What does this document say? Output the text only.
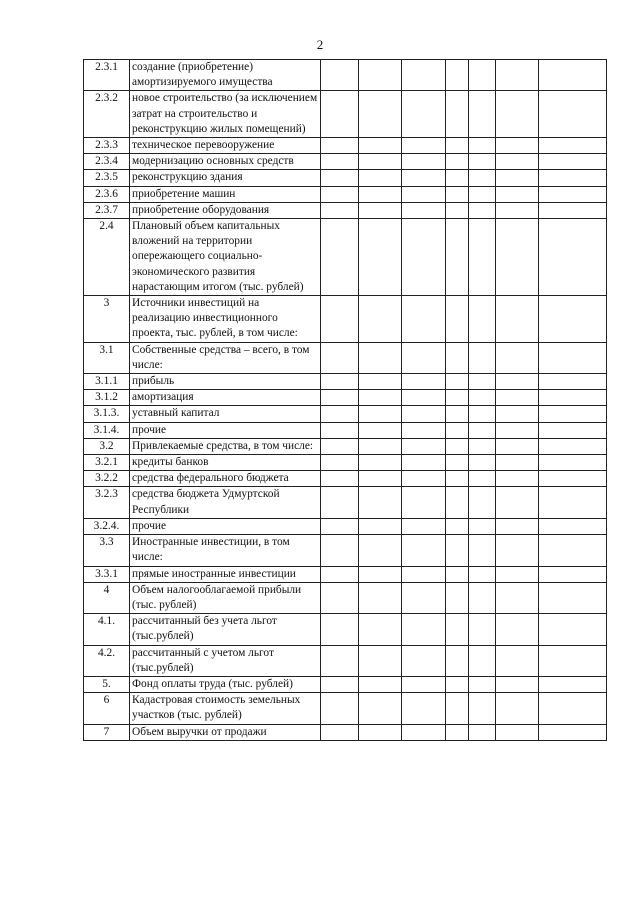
2
2.3.1	создание (приобретение) амортизируемого имущества							
2.3.2	новое строительство (за исключением затрат на строительство и реконструкцию жилых помещений)							
2.3.3	техническое перевооружение							
2.3.4	модернизацию основных средств							
2.3.5	реконструкцию здания							
2.3.6	приобретение машин							
2.3.7	приобретение оборудования							
2.4	Плановый объем капитальных вложений на территории опережающего социально-экономического развития нарастающим итогом (тыс. рублей)							
3	Источники инвестиций на реализацию инвестиционного проекта, тыс. рублей, в том числе:							
3.1	Собственные средства – всего, в том числе:							
3.1.1	прибыль							
3.1.2	амортизация							
3.1.3.	уставный капитал							
3.1.4.	прочие							
3.2	Привлекаемые средства, в том числе:							
3.2.1	кредиты банков							
3.2.2	средства федерального бюджета							
3.2.3	средства бюджета Удмуртской Республики							
3.2.4.	прочие							
3.3	Иностранные инвестиции, в том числе:							
3.3.1	прямые иностранные инвестиции							
4	Объем налогооблагаемой прибыли (тыс. рублей)							
4.1.	рассчитанный без учета льгот (тыс.рублей)							
4.2.	рассчитанный с учетом льгот (тыс.рублей)							
5.	Фонд оплаты труда (тыс. рублей)							
6	Кадастровая стоимость земельных участков (тыс. рублей)							
7	Объем выручки от продажи							
